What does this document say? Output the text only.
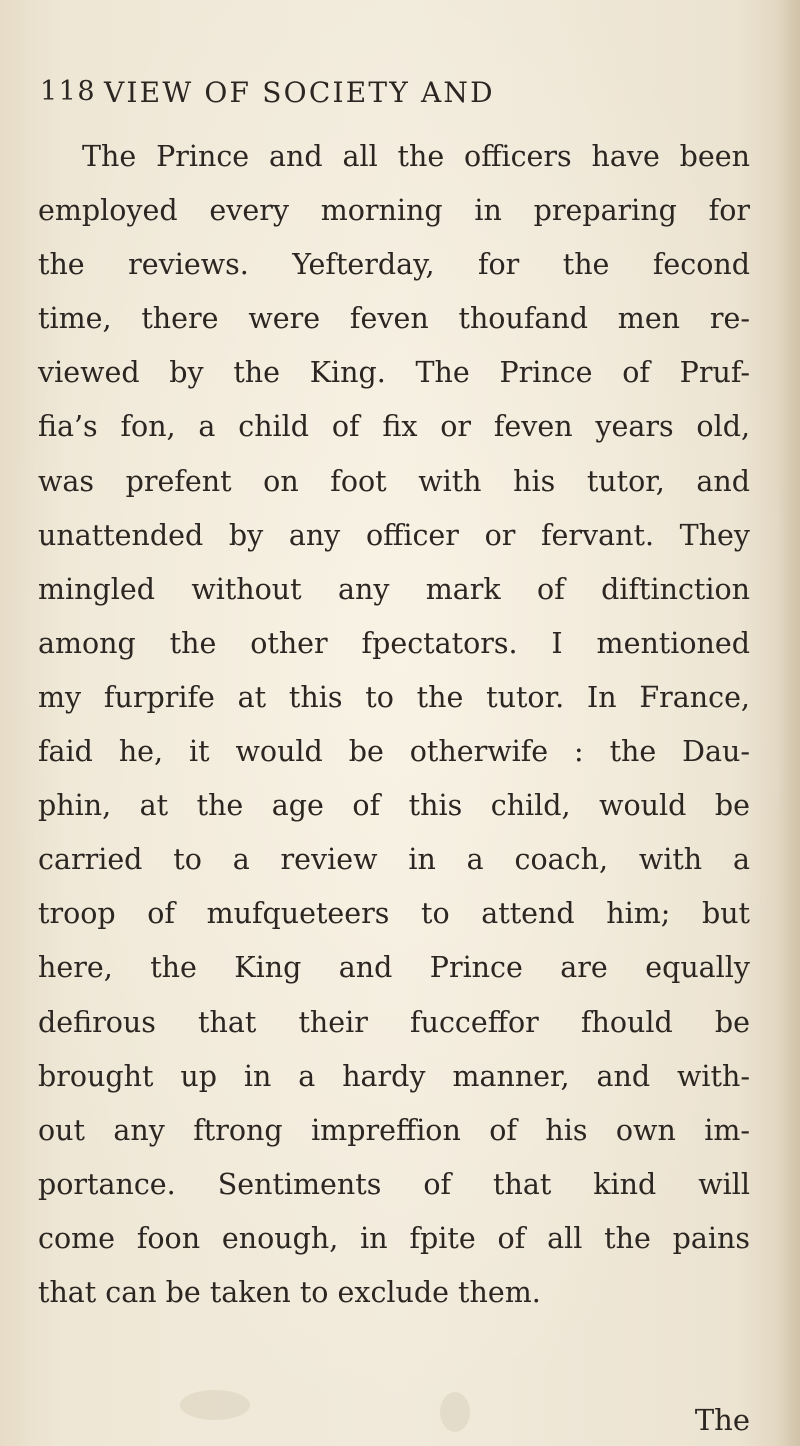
118 VIEW OF SOCIETY AND
The Prince and all the officers have been
employed every morning in preparing for
the reviews. Yefterday, for the fecond
time, there were feven thoufand men re-
viewed by the King. The Prince of Pruf-
fia’s fon, a child of fix or feven years old,
was prefent on foot with his tutor, and
unattended by any officer or fervant. They
mingled without any mark of diftinction
among the other fpectators. I mentioned
my furprife at this to the tutor. In France,
faid he, it would be otherwife : the Dau-
phin, at the age of this child, would be
carried to a review in a coach, with a
troop of mufqueteers to attend him; but
here, the King and Prince are equally
defirous that their fucceffor fhould be
brought up in a hardy manner, and with-
out any ftrong impreffion of his own im-
portance. Sentiments of that kind will
come foon enough, in fpite of all the pains
that can be taken to exclude them.
The
